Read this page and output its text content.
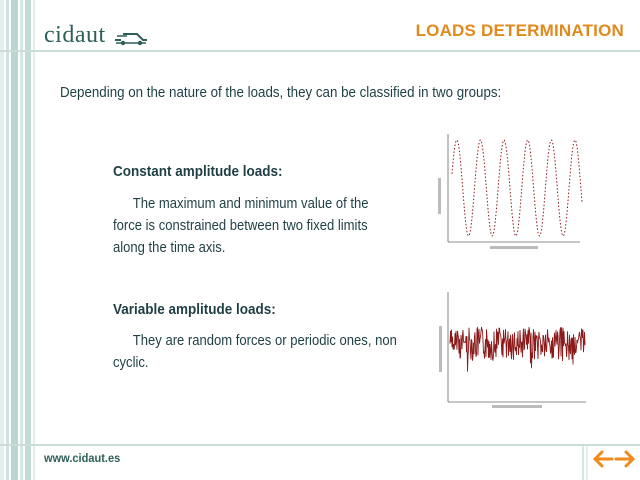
cidaut	LOADS DETERMINATION
Depending on the nature of the loads, they can be classified in two groups:
Constant amplitude loads:
The maximum and minimum value of the force is constrained between two fixed limits along the time axis.
Variable amplitude loads:
They are random forces or periodic ones, non cyclic.
www.cidaut.es
